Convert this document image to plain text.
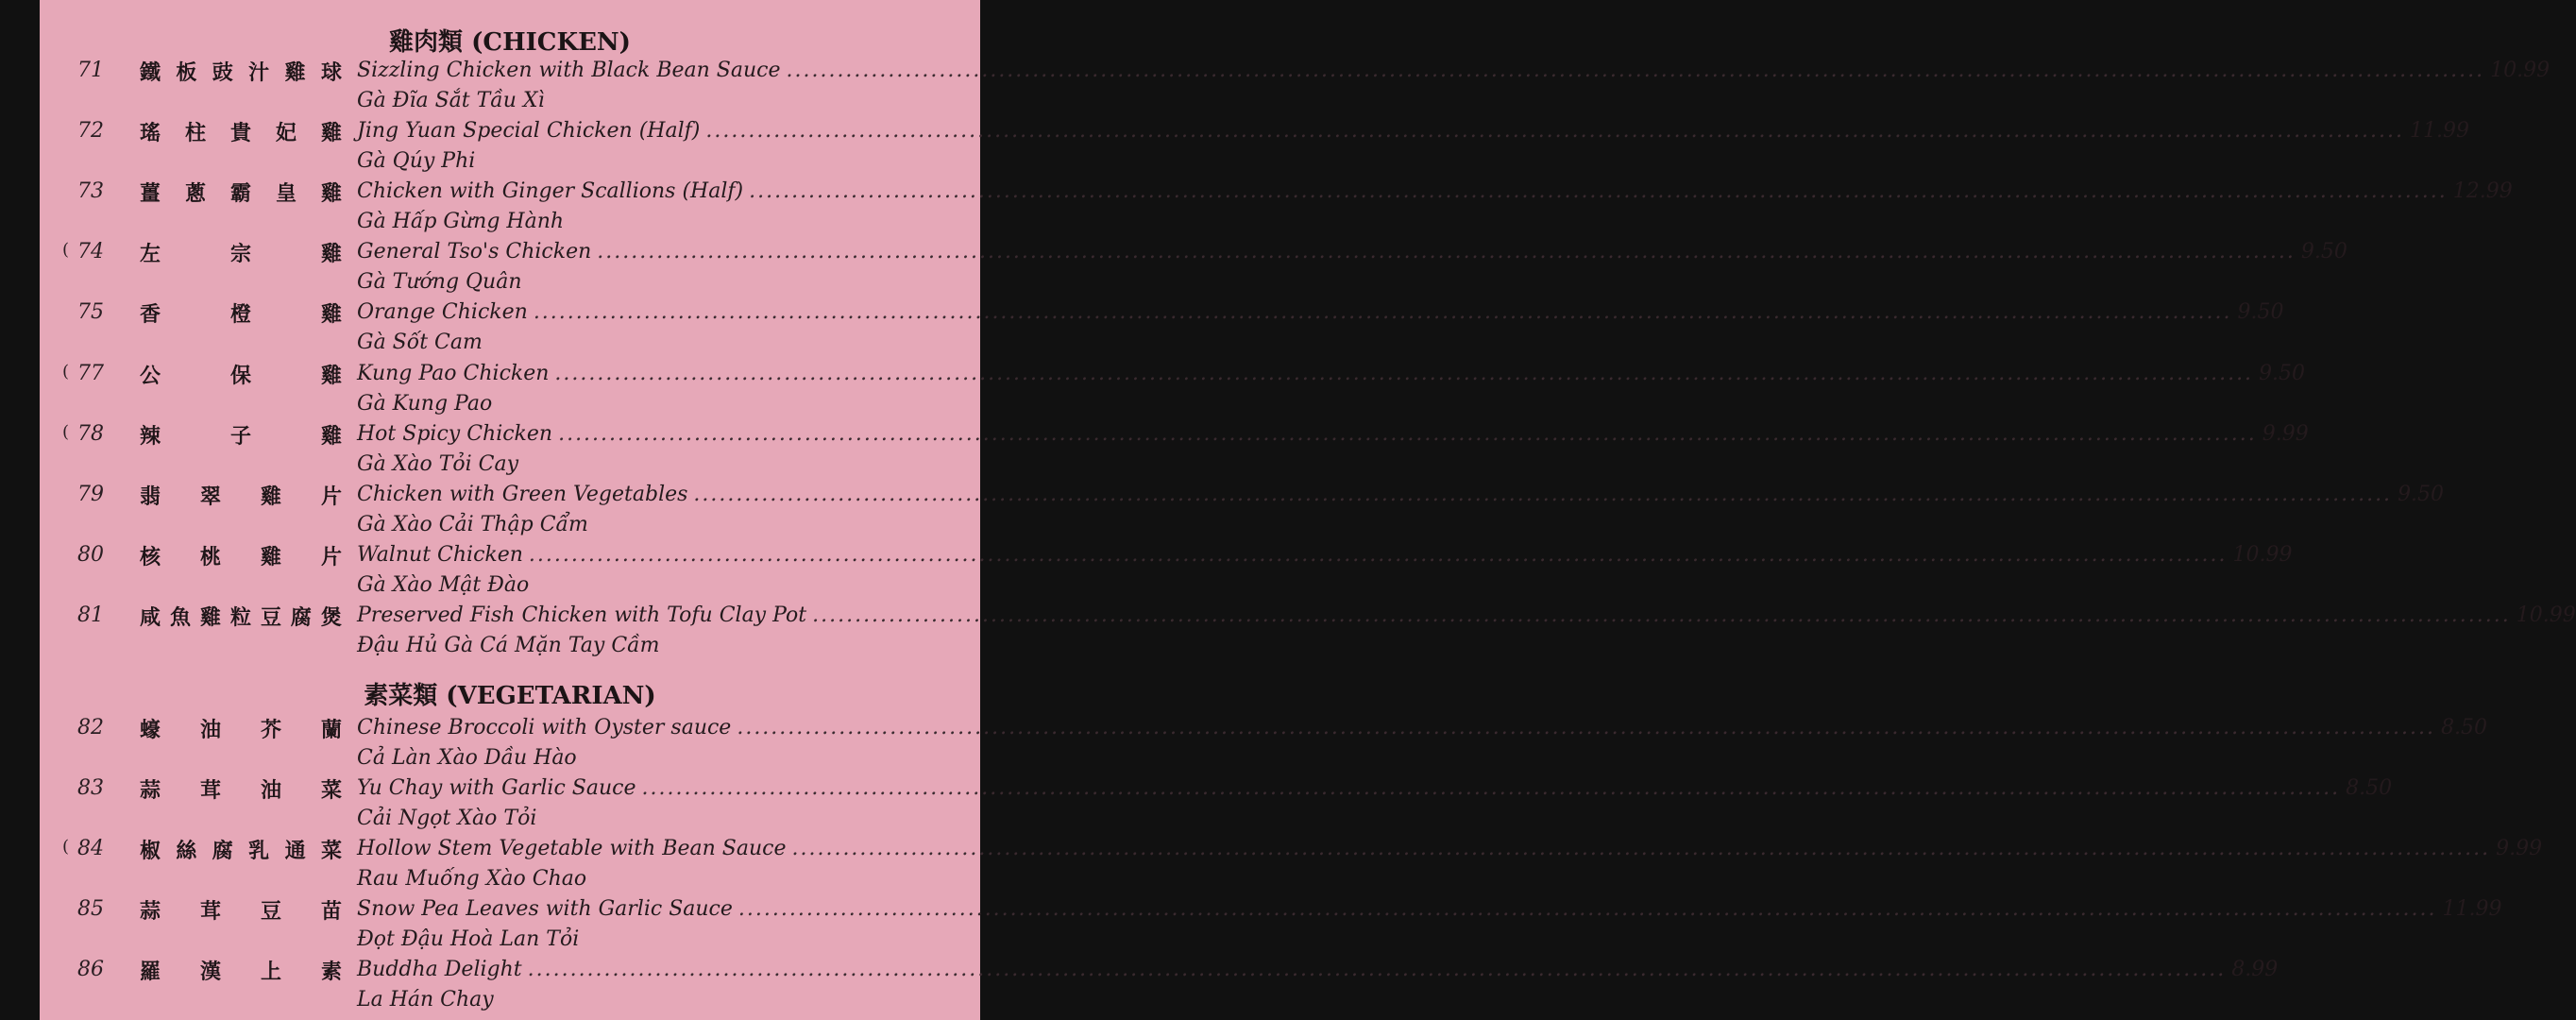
雞肉類 (CHICKEN)
71	鐵 板 豉 汁 雞 球 Sizzling Chicken with Black Bean Sauce ........................................................................................................................................................................................................ 10.99
Gà Đĩa Sắt Tầu Xì
72	瑤 柱 貴 妃 雞 Jing Yuan Special Chicken (Half) ........................................................................................................................................................................................................ 11.99
Gà Qúy Phi
73	薑 蔥 霸 皇 雞 Chicken with Ginger Scallions (Half) ........................................................................................................................................................................................................ 12.99
Gà Hấp Gừng Hành
( 74	左	宗	雞 General Tso's Chicken ........................................................................................................................................................................................................ 9.50
Gà Tướng Quân
75	香	橙	雞 Orange Chicken ........................................................................................................................................................................................................ 9.50
Gà Sốt Cam
( 77	公	保	雞 Kung Pao Chicken ........................................................................................................................................................................................................ 9.50
Gà Kung Pao
( 78	辣	子	雞 Hot Spicy Chicken ........................................................................................................................................................................................................ 9.99
Gà Xào Tỏi Cay
79	翡 翠 雞 片 Chicken with Green Vegetables ........................................................................................................................................................................................................ 9.50
Gà Xào Cải Thập Cẩm
80	核 桃 雞 片 Walnut Chicken ........................................................................................................................................................................................................ 10.99
Gà Xào Mật Đào
81	咸 魚 雞 粒 豆 腐 煲 Preserved Fish Chicken with Tofu Clay Pot ........................................................................................................................................................................................................ 10.99
Đậu Hủ Gà Cá Mặn Tay Cầm
素菜類 (VEGETARIAN)
82	蠔 油 芥 蘭 Chinese Broccoli with Oyster sauce ........................................................................................................................................................................................................ 8.50
Cả Làn Xào Dầu Hào
83	蒜 茸 油 菜 Yu Chay with Garlic Sauce ........................................................................................................................................................................................................ 8.50
Cải Ngọt Xào Tỏi
( 84	椒 絲 腐 乳 通 菜 Hollow Stem Vegetable with Bean Sauce ........................................................................................................................................................................................................ 9.99
Rau Muống Xào Chao
85	蒜 茸 豆 苗 Snow Pea Leaves with Garlic Sauce ........................................................................................................................................................................................................ 11.99
Đọt Đậu Hoà Lan Tỏi
86	羅 漢 上 素 Buddha Delight ........................................................................................................................................................................................................ 8.99
La Hán Chay
